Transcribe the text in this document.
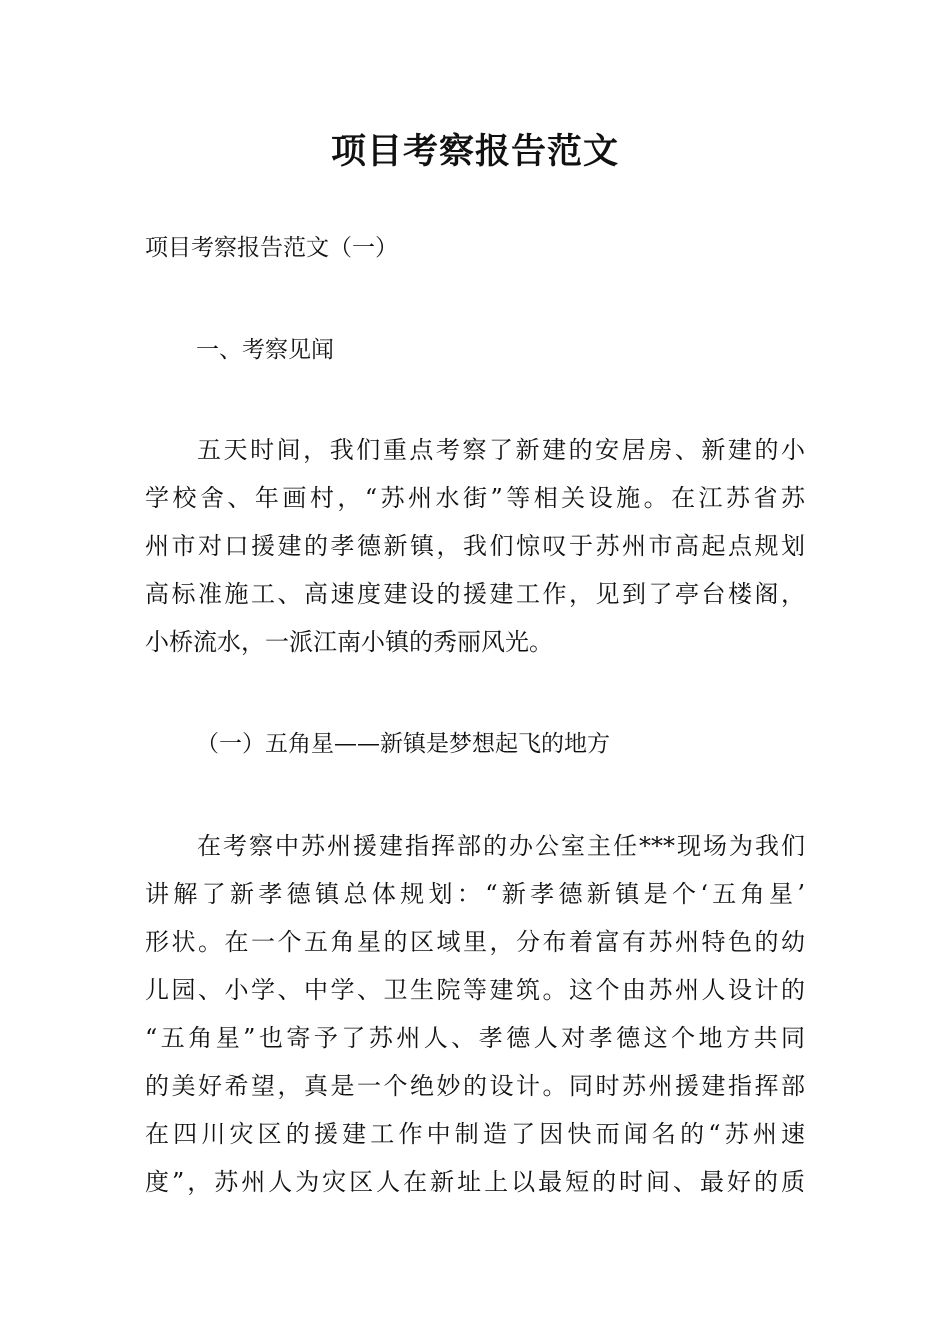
项目考察报告范文

项目考察报告范文（一）

一、考察见闻

五天时间，我们重点考察了新建的安居房、新建的小
学校舍、年画村，“苏州水街”等相关设施。在江苏省苏
州市对口援建的孝德新镇，我们惊叹于苏州市高起点规划
高标准施工、高速度建设的援建工作，见到了亭台楼阁，
小桥流水，一派江南小镇的秀丽风光。

（一）五角星——新镇是梦想起飞的地方

在考察中苏州援建指挥部的办公室主任***现场为我们
讲解了新孝德镇总体规划：“新孝德新镇是个‘五角星’
形状。在一个五角星的区域里，分布着富有苏州特色的幼
儿园、小学、中学、卫生院等建筑。这个由苏州人设计的
“五角星”也寄予了苏州人、孝德人对孝德这个地方共同
的美好希望，真是一个绝妙的设计。同时苏州援建指挥部
在四川灾区的援建工作中制造了因快而闻名的“苏州速
度”，苏州人为灾区人在新址上以最短的时间、最好的质
